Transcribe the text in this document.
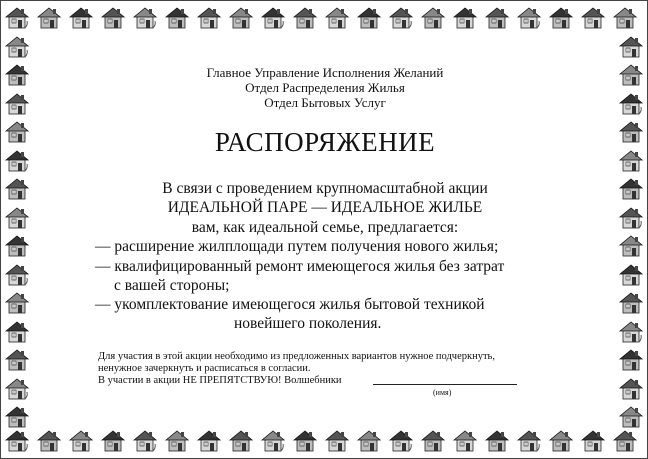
Главное Управление Исполнения Желаний
Отдел Распределения Жилья
Отдел Бытовых Услуг
РАСПОРЯЖЕНИЕ
В связи с проведением крупномасштабной акции
ИДЕАЛЬНОЙ ПАРЕ — ИДЕАЛЬНОЕ ЖИЛЬЕ
вам, как идеальной семье, предлагается:
— расширение жилплощади путем получения нового жилья;
— квалифицированный ремонт имеющегося жилья без затрат
с вашей стороны;
— укомплектование имеющегося жилья бытовой техникой
новейшего поколения.
Для участия в этой акции необходимо из предложенных вариантов нужное подчеркнуть,
ненужное зачеркнуть и расписаться в согласии.
В участии в акции НЕ ПРЕПЯТСТВУЮ! Волшебники
(имя)
